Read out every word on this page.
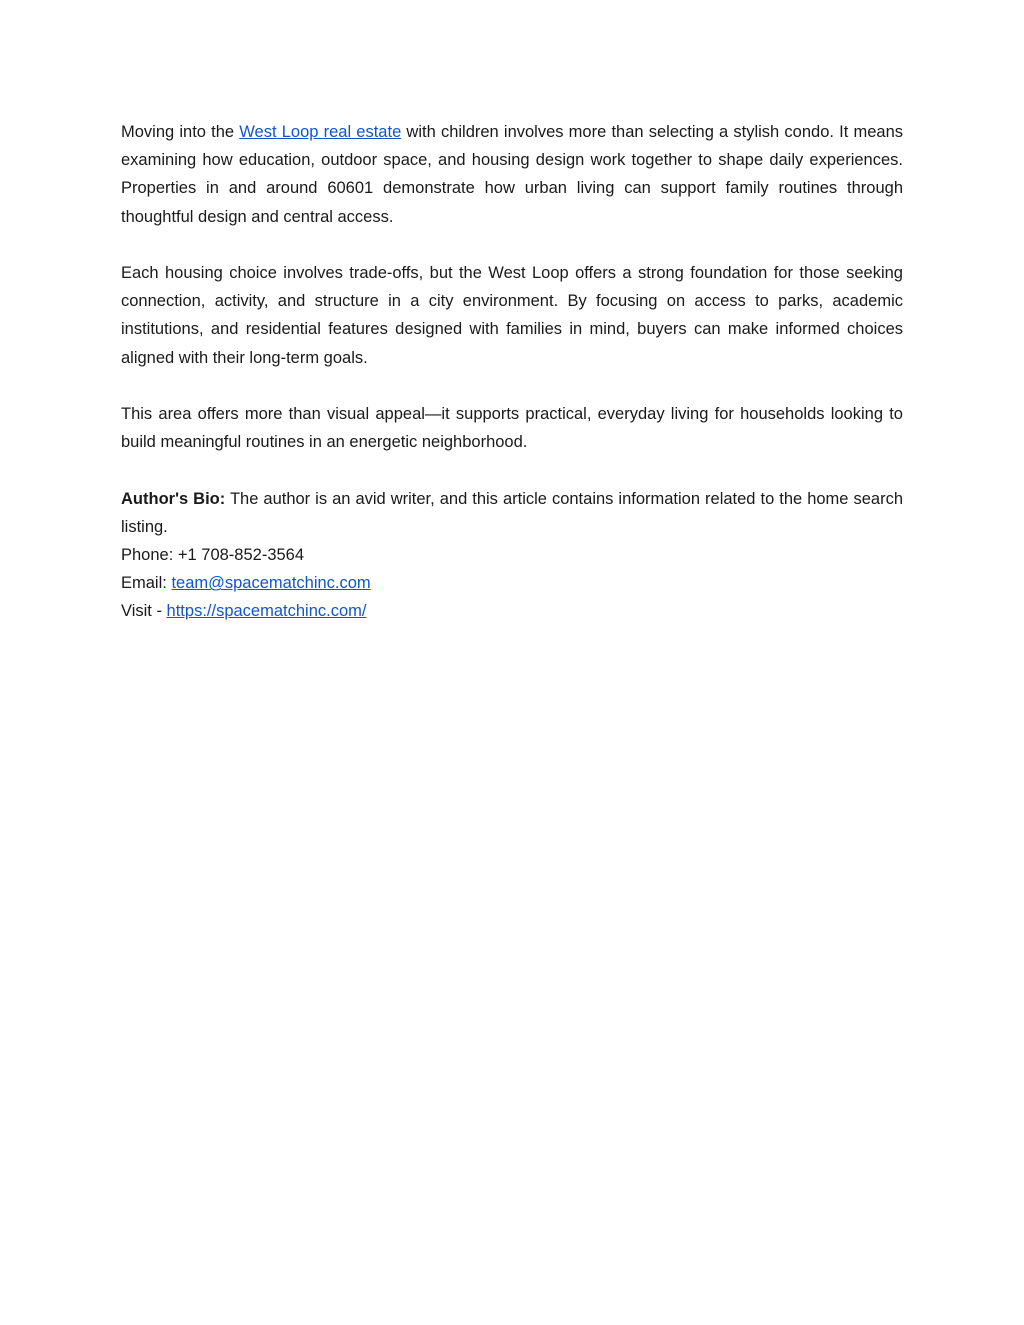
Moving into the West Loop real estate with children involves more than selecting a stylish condo. It means examining how education, outdoor space, and housing design work together to shape daily experiences. Properties in and around 60601 demonstrate how urban living can support family routines through thoughtful design and central access.

Each housing choice involves trade-offs, but the West Loop offers a strong foundation for those seeking connection, activity, and structure in a city environment. By focusing on access to parks, academic institutions, and residential features designed with families in mind, buyers can make informed choices aligned with their long-term goals.

This area offers more than visual appeal—it supports practical, everyday living for households looking to build meaningful routines in an energetic neighborhood.

Author's Bio: The author is an avid writer, and this article contains information related to the home search listing.

Phone: +1 708-852-3564
Email: team@spacematchinc.com
Visit - https://spacematchinc.com/
